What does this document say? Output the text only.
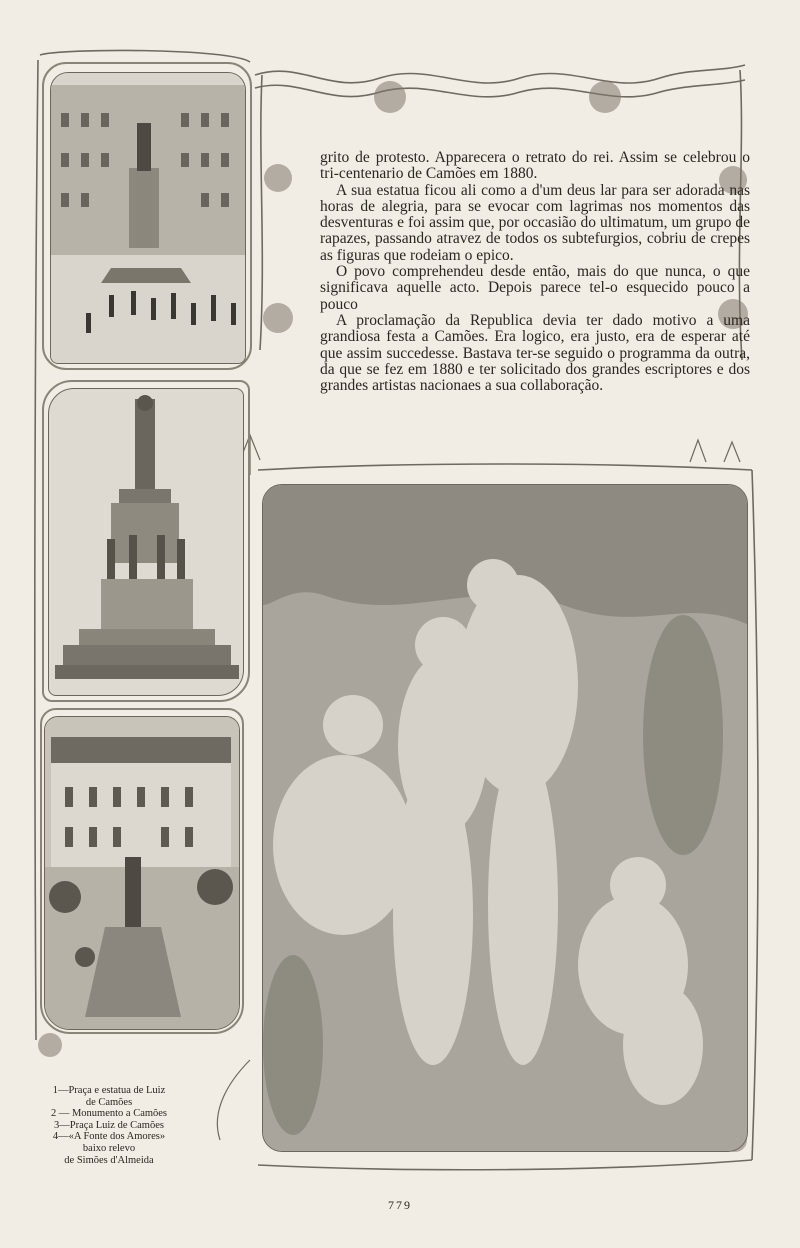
grito de protesto. Apparecera o retrato do rei. Assim se celebrou o tri-centenario de Camões em 1880.

A sua estatua ficou ali como a d'um deus lar para ser adorada nas horas de alegria, para se evocar com lagrimas nos momentos das desventuras e foi assim que, por occasião do ultimatum, um grupo de rapazes, passando atravez de todos os subtefurgios, cobriu de crepes as figuras que rodeiam o epico.

O povo comprehendeu desde então, mais do que nunca, o que significava aquelle acto. Depois parece tel-o esquecido pouco a pouco

A proclamação da Republica devia ter dado motivo a uma grandiosa festa a Camões. Era logico, era justo, era de esperar até que assim succedesse. Bastava ter-se seguido o programma da outra, da que se fez em 1880 e ter solicitado dos grandes escriptores e dos grandes artistas nacionaes a sua collaboração.

1—Praça e estatua de Luiz
de Camões
2 — Monumento a Camões
3—Praça Luiz de Camões
4—«A Fonte dos Amores»
baixo relevo
de Simões d'Almeida
779
